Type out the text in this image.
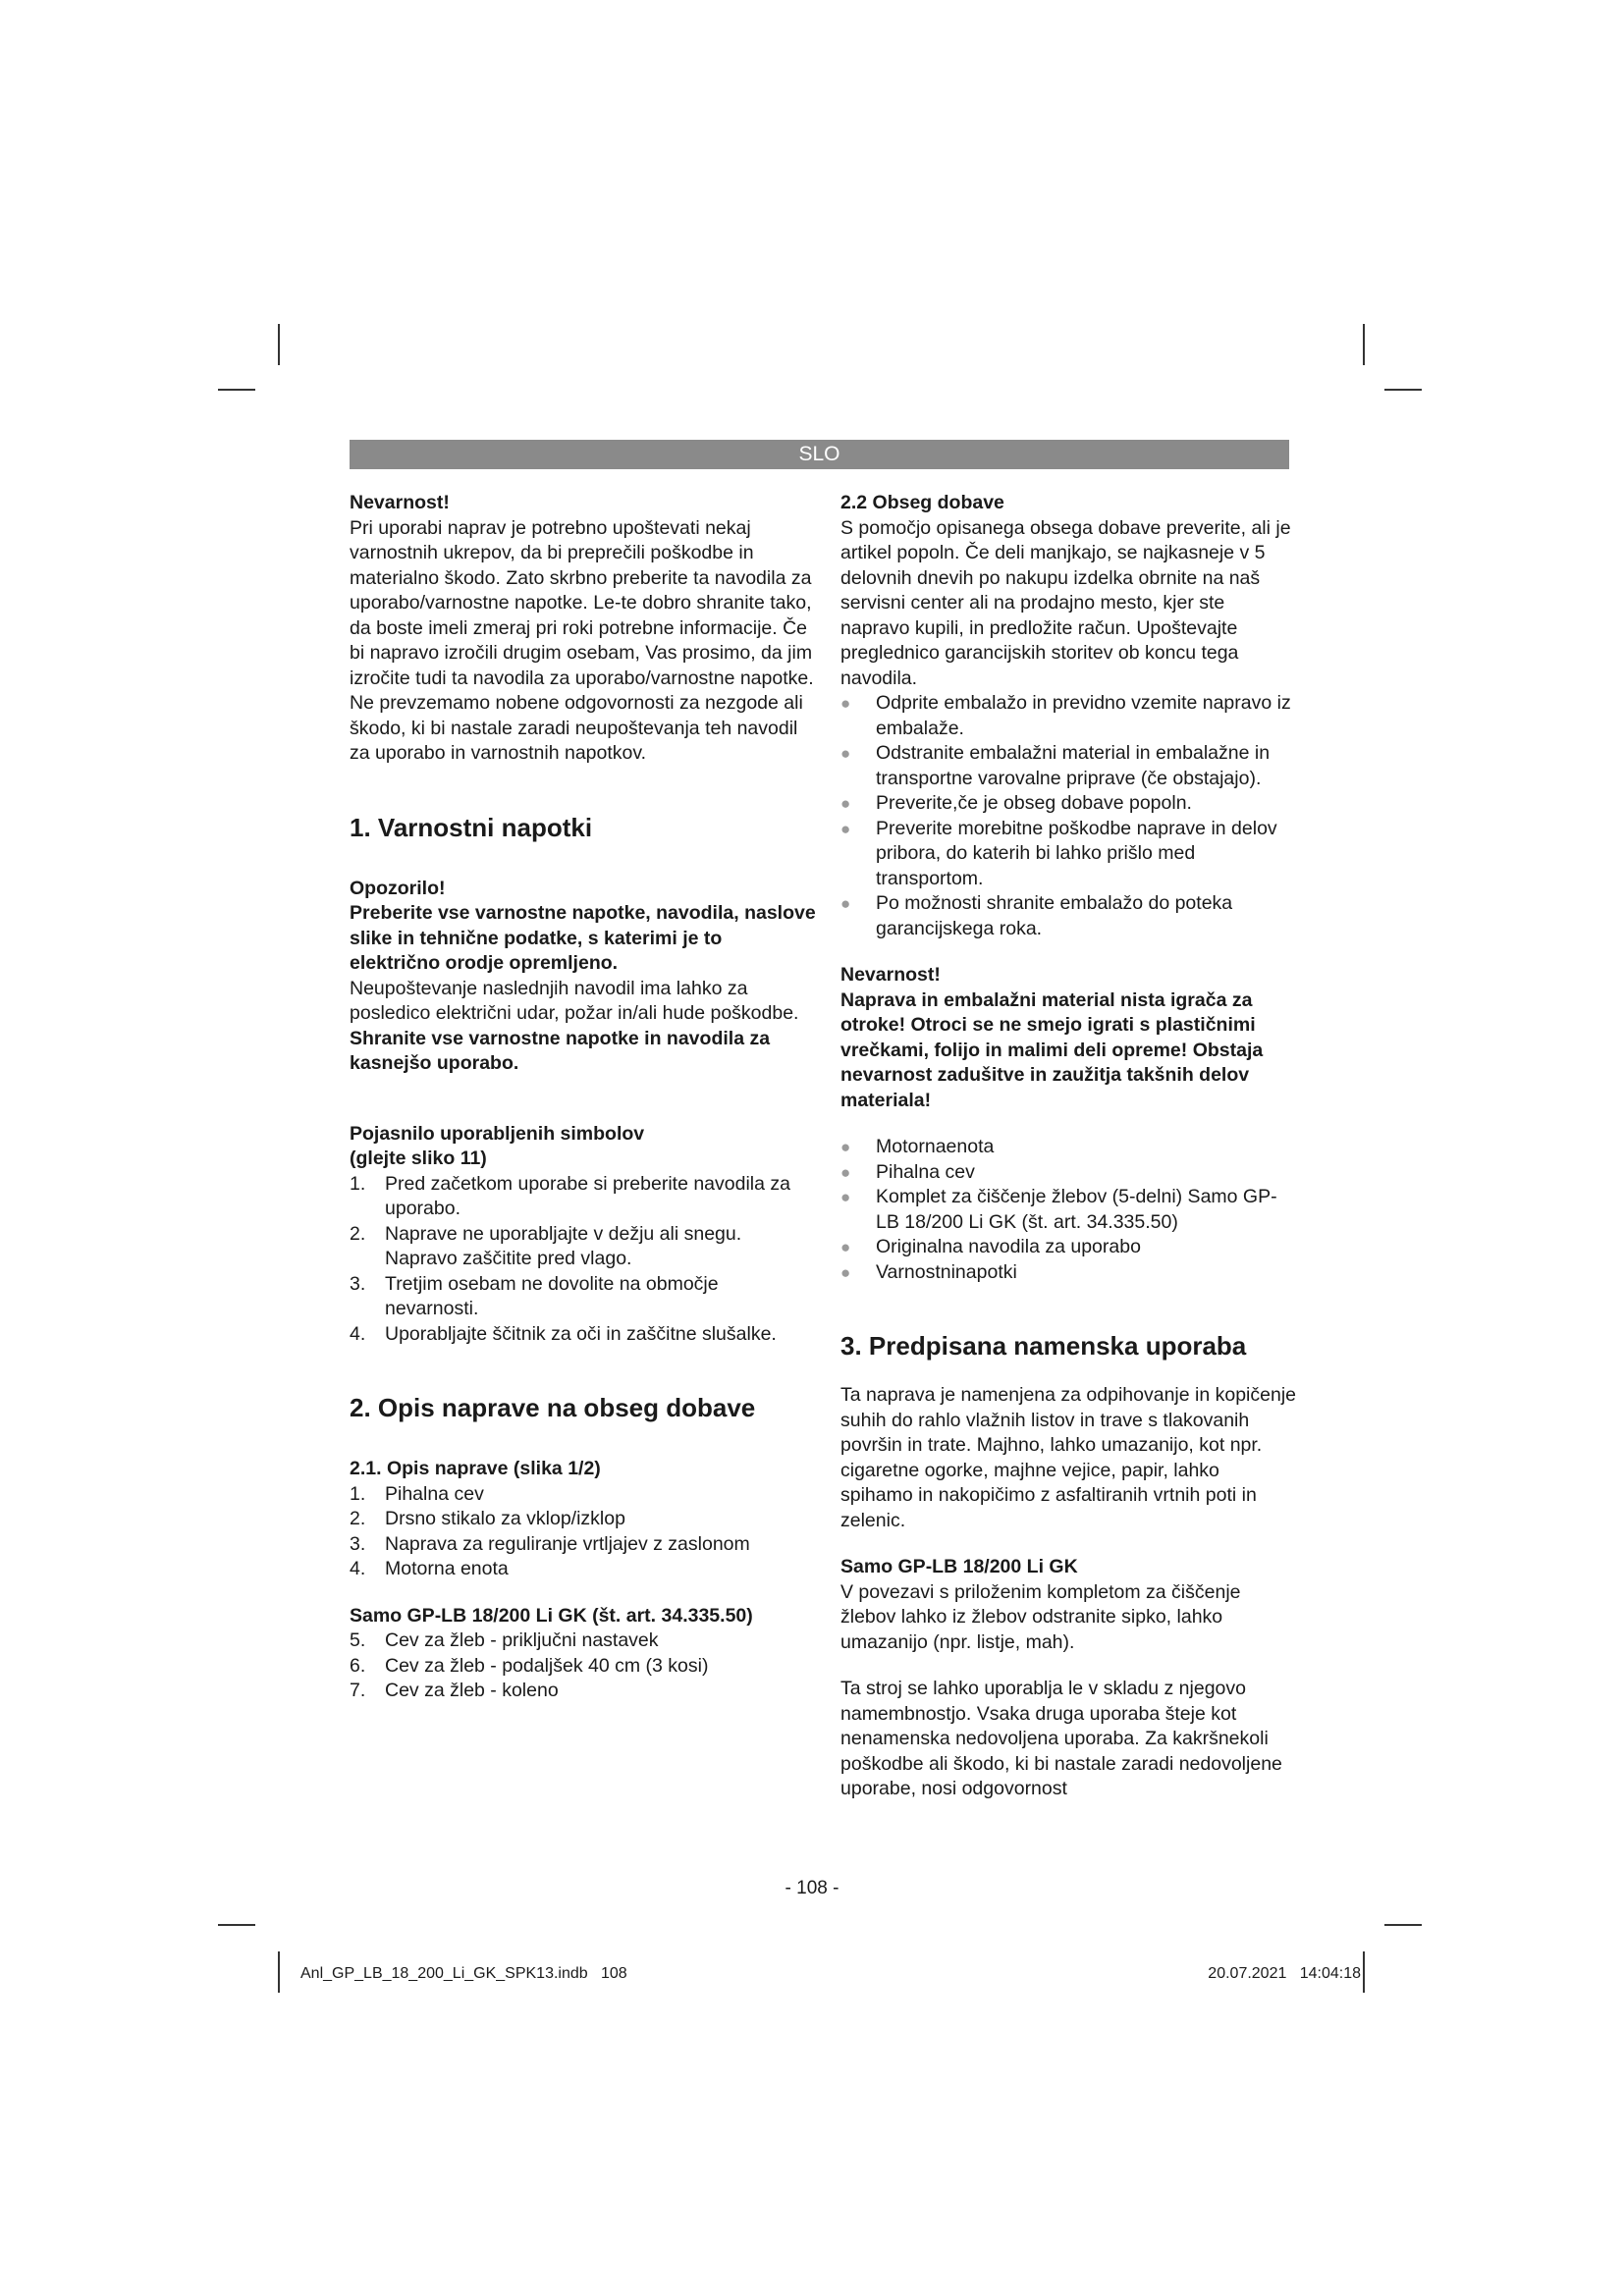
SLO

Nevarnost!

Pri uporabi naprav je potrebno upoštevati nekaj varnostnih ukrepov, da bi preprečili poškodbe in materialno škodo. Zato skrbno preberite ta navodila za uporabo/varnostne napotke. Le-te dobro shranite tako, da boste imeli zmeraj pri roki potrebne informacije. Če bi napravo izročili drugim osebam, Vas prosimo, da jim izročite tudi ta navodila za uporabo/varnostne napotke. Ne prevzemamo nobene odgovornosti za nezgode ali škodo, ki bi nastale zaradi neupoštevanja teh navodil za uporabo in varnostnih napotkov.

1. Varnostni napotki

Opozorilo!

Preberite vse varnostne napotke, navodila, naslove slike in tehnične podatke, s katerimi je to električno orodje opremljeno.

Neupoštevanje naslednjih navodil ima lahko za posledico električni udar, požar in/ali hude poškodbe.

Shranite vse varnostne napotke in navodila za kasnejšo uporabo.

Pojasnilo uporabljenih simbolov

(glejte sliko 11)

1. Pred začetkom uporabe si preberite navodila za uporabo.
2. Naprave ne uporabljajte v dežju ali snegu. Napravo zaščitite pred vlago.
3. Tretjim osebam ne dovolite na območje nevarnosti.
4. Uporabljajte ščitnik za oči in zaščitne slušalke.

2. Opis naprave na obseg dobave

2.1. Opis naprave (slika 1/2)

1. Pihalna cev
2. Drsno stikalo za vklop/izklop
3. Naprava za reguliranje vrtljajev z zaslonom
4. Motorna enota

Samo GP-LB 18/200 Li GK (št. art. 34.335.50)

5. Cev za žleb - priključni nastavek
6. Cev za žleb - podaljšek 40 cm (3 kosi)
7. Cev za žleb - koleno

2.2 Obseg dobave

S pomočjo opisanega obsega dobave preverite, ali je artikel popoln. Če deli manjkajo, se najkasneje v 5 delovnih dnevih po nakupu izdelka obrnite na naš servisni center ali na prodajno mesto, kjer ste napravo kupili, in predložite račun. Upoštevajte preglednico garancijskih storitev ob koncu tega navodila.

● Odprite embalažo in previdno vzemite napravo iz embalaže.
● Odstranite embalažni material in embalažne in transportne varovalne priprave (če obstajajo).
● Preverite,če je obseg dobave popoln.
● Preverite morebitne poškodbe naprave in delov pribora, do katerih bi lahko prišlo med transportom.
● Po možnosti shranite embalažo do poteka garancijskega roka.

Nevarnost!

Naprava in embalažni material nista igrača za otroke! Otroci se ne smejo igrati s plastičnimi vrečkami, folijo in malimi deli opreme! Obstaja nevarnost zadušitve in zaužitja takšnih delov materiala!

● Motornaenota
● Pihalna cev
● Komplet za čiščenje žlebov (5-delni) Samo GP-LB 18/200 Li GK (št. art. 34.335.50)
● Originalna navodila za uporabo
● Varnostninapotki

3. Predpisana namenska uporaba

Ta naprava je namenjena za odpihovanje in kopičenje suhih do rahlo vlažnih listov in trave s tlakovanih površin in trate. Majhno, lahko umazanijo, kot npr. cigaretne ogorke, majhne vejice, papir, lahko spihamo in nakopičimo z asfaltiranih vrtnih poti in zelenic.

Samo GP-LB 18/200 Li GK

V povezavi s priloženim kompletom za čiščenje žlebov lahko iz žlebov odstranite sipko, lahko umazanijo (npr. listje, mah).

Ta stroj se lahko uporablja le v skladu z njegovo namembnostjo. Vsaka druga uporaba šteje kot nenamenska nedovoljena uporaba. Za kakršnekoli poškodbe ali škodo, ki bi nastale zaradi nedovoljene uporabe, nosi odgovornost

- 108 -
Anl_GP_LB_18_200_Li_GK_SPK13.indb   108	20.07.2021   14:04:18
